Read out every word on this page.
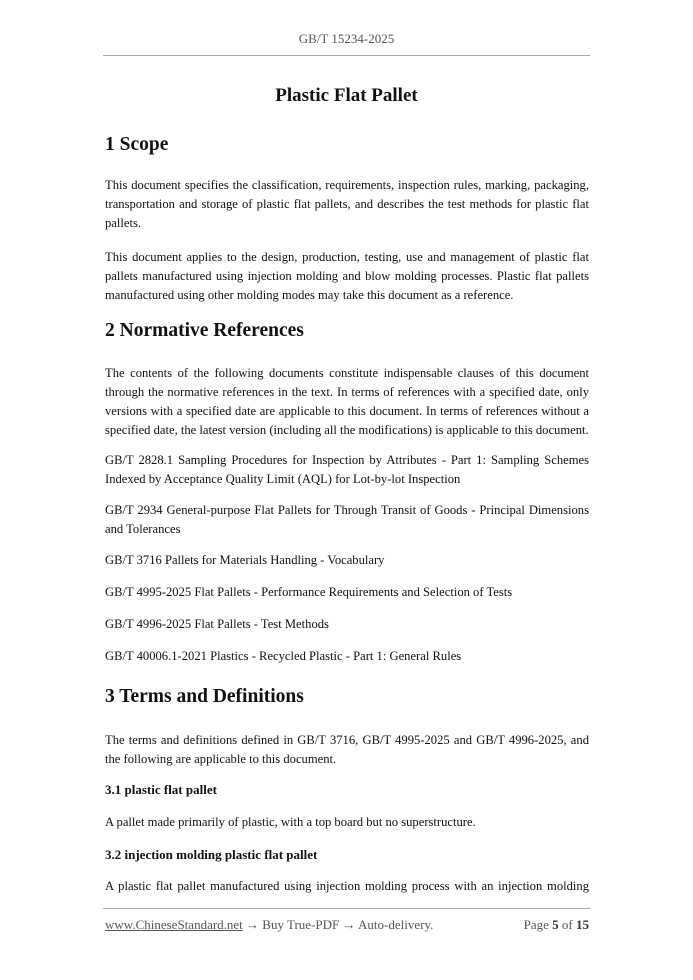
GB/T 15234-2025
Plastic Flat Pallet
1 Scope

This document specifies the classification, requirements, inspection rules, marking, packaging, transportation and storage of plastic flat pallets, and describes the test methods for plastic flat pallets.

This document applies to the design, production, testing, use and management of plastic flat pallets manufactured using injection molding and blow molding processes. Plastic flat pallets manufactured using other molding modes may take this document as a reference.

2 Normative References

The contents of the following documents constitute indispensable clauses of this document through the normative references in the text. In terms of references with a specified date, only versions with a specified date are applicable to this document. In terms of references without a specified date, the latest version (including all the modifications) is applicable to this document.

GB/T 2828.1 Sampling Procedures for Inspection by Attributes - Part 1: Sampling Schemes Indexed by Acceptance Quality Limit (AQL) for Lot-by-lot Inspection

GB/T 2934 General-purpose Flat Pallets for Through Transit of Goods - Principal Dimensions and Tolerances

GB/T 3716 Pallets for Materials Handling - Vocabulary

GB/T 4995-2025 Flat Pallets - Performance Requirements and Selection of Tests

GB/T 4996-2025 Flat Pallets - Test Methods

GB/T 40006.1-2021 Plastics - Recycled Plastic - Part 1: General Rules

3 Terms and Definitions

The terms and definitions defined in GB/T 3716, GB/T 4995-2025 and GB/T 4996-2025, and the following are applicable to this document.

3.1 plastic flat pallet

A pallet made primarily of plastic, with a top board but no superstructure.

3.2 injection molding plastic flat pallet

A plastic flat pallet manufactured using injection molding process with an injection molding

www.ChineseStandard.net → Buy True-PDF → Auto-delivery.	Page 5 of 15
